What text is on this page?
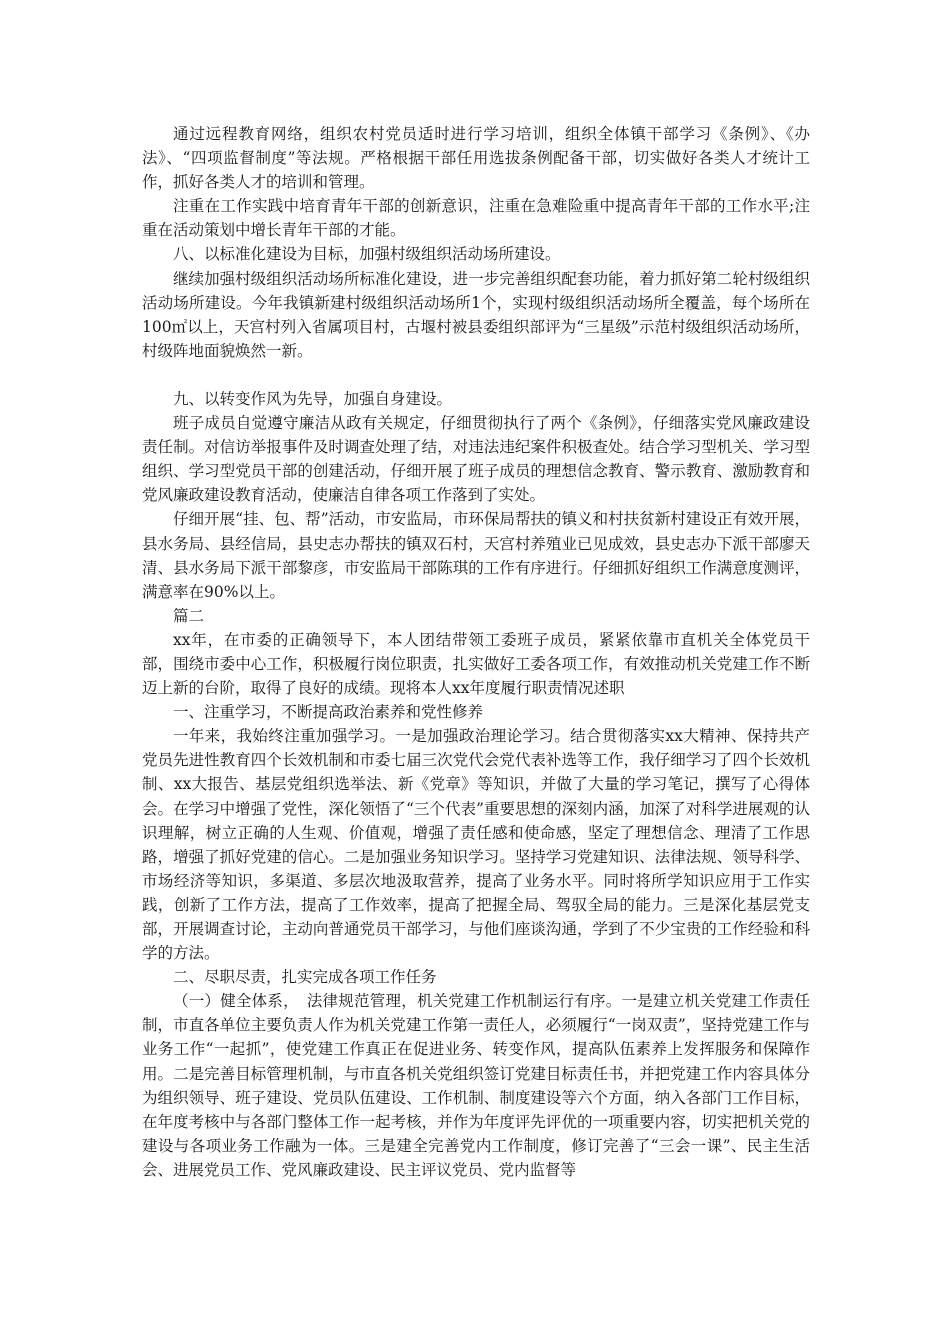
通过远程教育网络，组织农村党员适时进行学习培训，组织全体镇干部学习《条例》、《办法》、“四项监督制度”等法规。严格根据干部任用选拔条例配备干部，切实做好各类人才统计工作，抓好各类人才的培训和管理。

注重在工作实践中培育青年干部的创新意识，注重在急难险重中提高青年干部的工作水平;注重在活动策划中增长青年干部的才能。

八、以标准化建设为目标，加强村级组织活动场所建设。

继续加强村级组织活动场所标准化建设，进一步完善组织配套功能，着力抓好第二轮村级组织活动场所建设。今年我镇新建村级组织活动场所1个，实现村级组织活动场所全覆盖，每个场所在100㎡以上，天宫村列入省属项目村，古堰村被县委组织部评为“三星级”示范村级组织活动场所，村级阵地面貌焕然一新。

九、以转变作风为先导，加强自身建设。

班子成员自觉遵守廉洁从政有关规定，仔细贯彻执行了两个《条例》，仔细落实党风廉政建设责任制。对信访举报事件及时调查处理了结，对违法违纪案件积极查处。结合学习型机关、学习型组织、学习型党员干部的创建活动，仔细开展了班子成员的理想信念教育、警示教育、激励教育和党风廉政建设教育活动，使廉洁自律各项工作落到了实处。

仔细开展“挂、包、帮”活动，市安监局，市环保局帮扶的镇义和村扶贫新村建设正有效开展，县水务局、县经信局，县史志办帮扶的镇双石村，天宫村养殖业已见成效，县史志办下派干部廖天清、县水务局下派干部黎彦，市安监局干部陈琪的工作有序进行。仔细抓好组织工作满意度测评，满意率在90%以上。

篇二

xx年，在市委的正确领导下，本人团结带领工委班子成员，紧紧依靠市直机关全体党员干部，围绕市委中心工作，积极履行岗位职责，扎实做好工委各项工作，有效推动机关党建工作不断迈上新的台阶，取得了良好的成绩。现将本人xx年度履行职责情况述职

一、注重学习，不断提高政治素养和党性修养

一年来，我始终注重加强学习。一是加强政治理论学习。结合贯彻落实xx大精神、保持共产党员先进性教育四个长效机制和市委七届三次党代会党代表补选等工作，我仔细学习了四个长效机制、xx大报告、基层党组织选举法、新《党章》等知识，并做了大量的学习笔记，撰写了心得体会。在学习中增强了党性，深化领悟了“三个代表”重要思想的深刻内涵，加深了对科学进展观的认识理解，树立正确的人生观、价值观，增强了责任感和使命感，坚定了理想信念、理清了工作思路，增强了抓好党建的信心。二是加强业务知识学习。坚持学习党建知识、法律法规、领导科学、市场经济等知识，多渠道、多层次地汲取营养，提高了业务水平。同时将所学知识应用于工作实践，创新了工作方法，提高了工作效率，提高了把握全局、驾驭全局的能力。三是深化基层党支部，开展调查讨论，主动向普通党员干部学习，与他们座谈沟通，学到了不少宝贵的工作经验和科学的方法。

二、尽职尽责，扎实完成各项工作任务

（一）健全体系，　法律规范管理，机关党建工作机制运行有序。一是建立机关党建工作责任制，市直各单位主要负责人作为机关党建工作第一责任人，必须履行“一岗双责”，坚持党建工作与业务工作“一起抓”，使党建工作真正在促进业务、转变作风，提高队伍素养上发挥服务和保障作用。二是完善目标管理机制，与市直各机关党组织签订党建目标责任书，并把党建工作内容具体分为组织领导、班子建设、党员队伍建设、工作机制、制度建设等六个方面，纳入各部门工作目标，在年度考核中与各部门整体工作一起考核，并作为年度评先评优的一项重要内容，切实把机关党的建设与各项业务工作融为一体。三是建全完善党内工作制度，修订完善了“三会一课”、民主生活会、进展党员工作、党风廉政建设、民主评议党员、党内监督等
